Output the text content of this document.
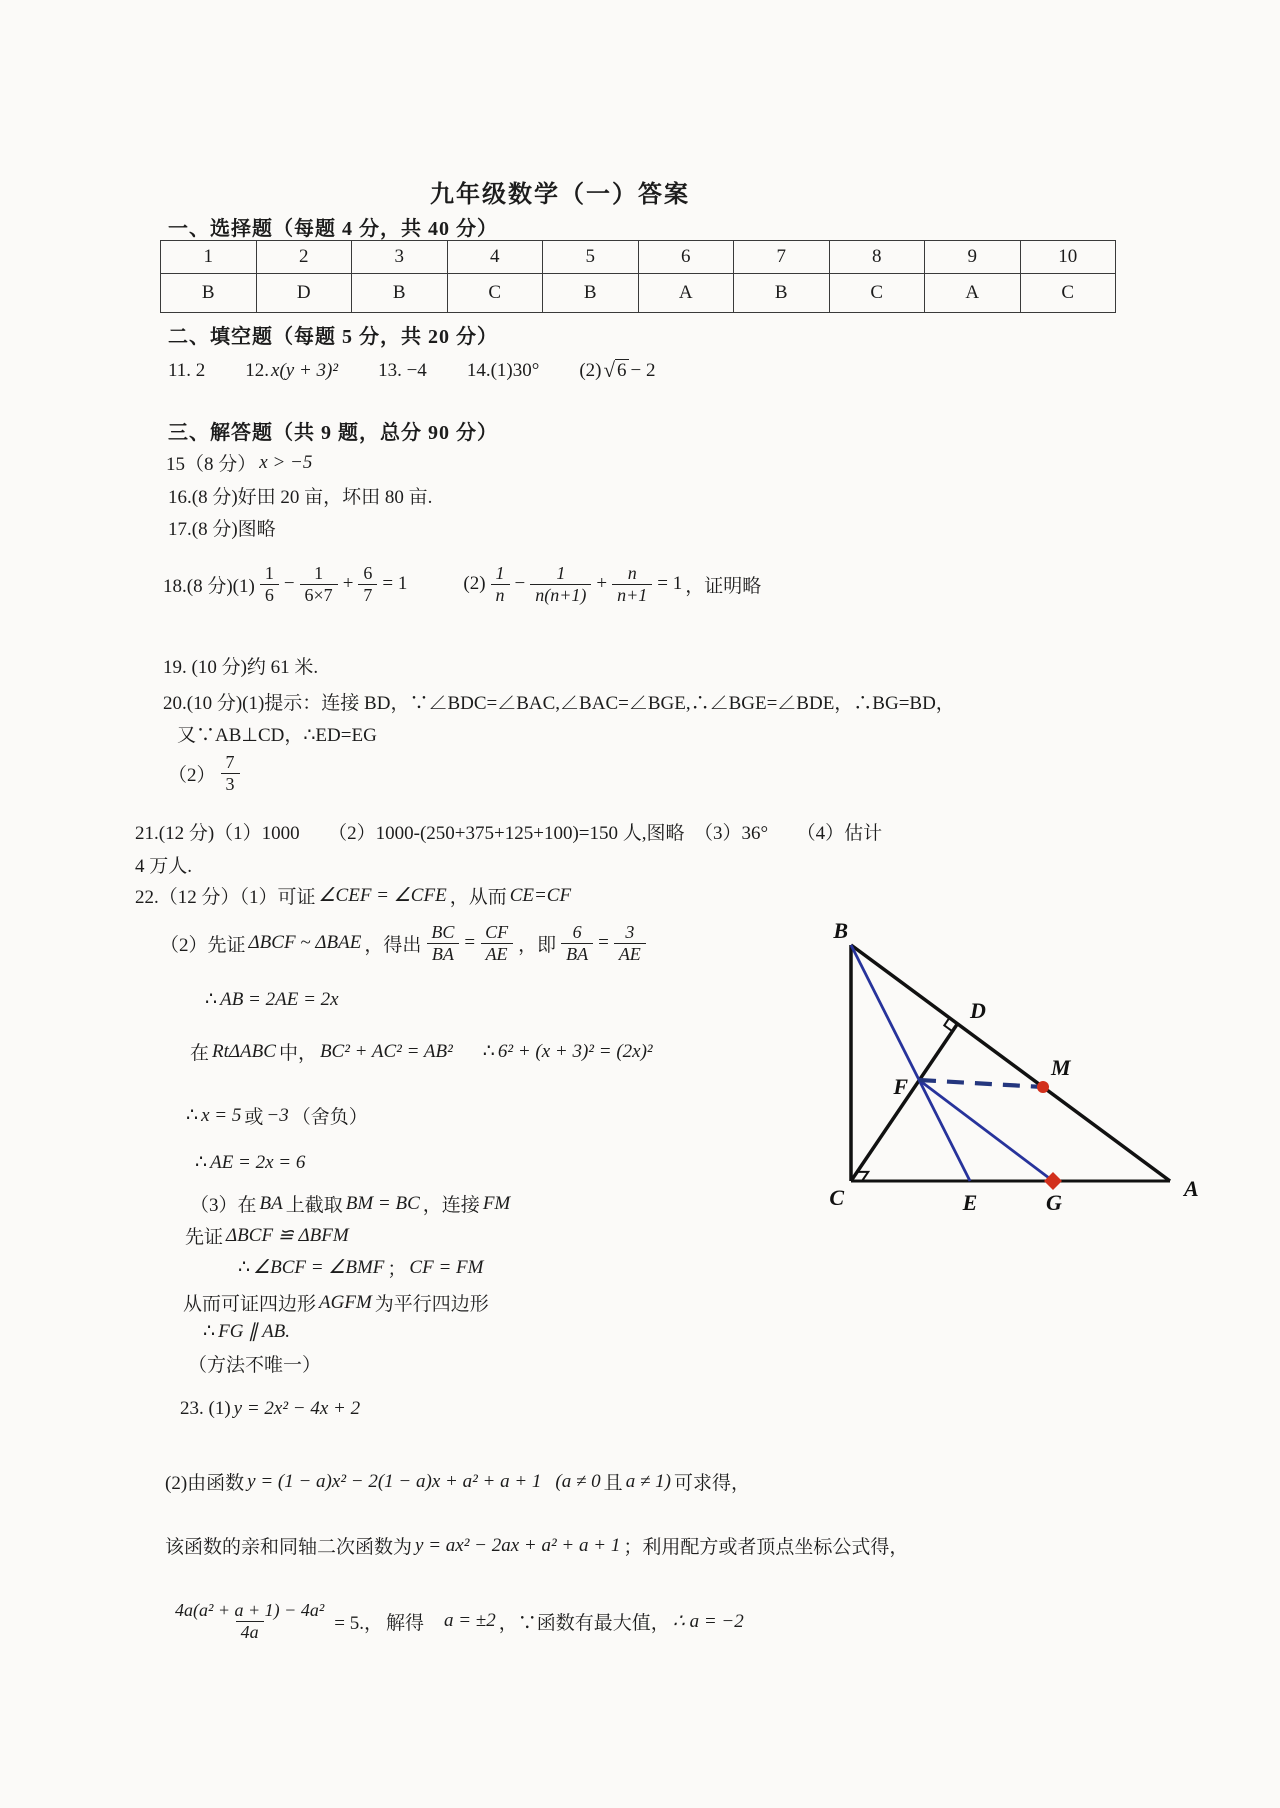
九年级数学（一）答案
一、选择题（每题 4 分，共 40 分）
1	2	3	4	5	6	7	8	9	10
B	D	B	C	B	A	B	C	A	C
二、填空题（每题 5 分，共 20 分）
11. 2 12. x(y + 3)² 13. −4 14.(1)30° (2) √ 6 − 2
三、解答题（共 9 题，总分 90 分）
15（8 分） x > −5
16.(8 分)好田 20 亩，坏田 80 亩.
17.(8 分)图略
18.(8 分)$(1) \frac{1}{6} - \frac{1}{6\times 7} + \frac{6}{7} = 1$	$(2) \frac{1}{n} - \frac{1}{n(n+1)} + \frac{n}{n+1} = 1$ ，证明略
19. (10 分)约 61 米.
20.(10 分)(1)提示：连接 BD，∵∠BDC=∠BAC,∠BAC=∠BGE,∴∠BGE=∠BDE，∴BG=BD，
又∵AB⊥CD，∴ED=EG
$(2) \frac{7}{3}$
21.(12 分)（1）1000　　（2）1000-(250+375+125+100)=150 人,图略　（3）36°　　（4）估计
4 万人.
22.（12 分）（1）可证 ∠CEF = ∠CFE ，从而 CE=CF
（2）先证 ΔBCF ~ ΔBAE ，得出 $\frac{BC}{BA} = \frac{CF}{AE}$ ，即 $\frac{6}{BA} = \frac{3}{AE}$
∴ AB = 2AE = 2x
在 RtΔABC 中， BC² + AC² = AB² ∴ 6² + (x + 3)² = (2x)²
∴ x = 5 或 −3 （舍负）
∴ AE = 2x = 6
（3）在 BA 上截取 BM = BC ，连接 FM
先证 ΔBCF ≌ ΔBFM
∴ ∠BCF = ∠BMF ； CF = FM
从而可证四边形 AGFM 为平行四边形
∴ FG ∥ AB.
（方法不唯一）
23. (1) y = 2x² − 4x + 2
(2)由函数 y = (1 − a)x² − 2(1 − a)x + a² + a + 1 (a ≠ 0 且 a ≠ 1) 可求得，
该函数的亲和同轴二次函数为 y = ax² − 2ax + a² + a + 1 ；利用配方或者顶点坐标公式得，
$\frac{\text{4a(a² + a + 1) − 4a²}}{4a} = 5$.， 解得 a = ±2 ，∵函数有最大值， ∴ a = −2
B
D
M
F
C	E	G
A
